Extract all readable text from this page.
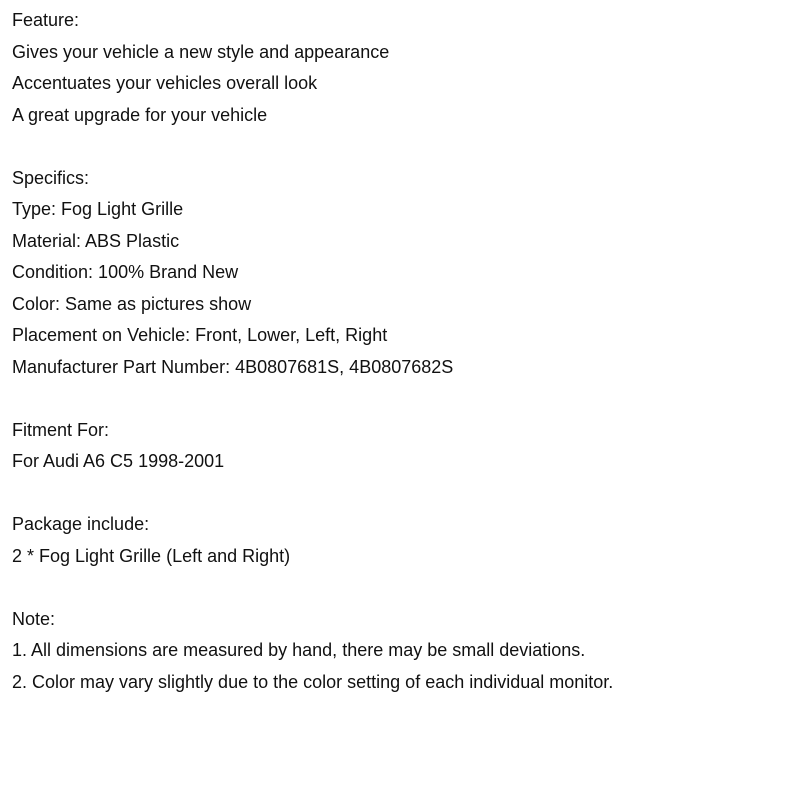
Feature:
Gives your vehicle a new style and appearance
Accentuates your vehicles overall look
A great upgrade for your vehicle
Specifics:
Type: Fog Light Grille
Material: ABS Plastic
Condition: 100% Brand New
Color: Same as pictures show
Placement on Vehicle: Front, Lower, Left, Right
Manufacturer Part Number: 4B0807681S, 4B0807682S
Fitment For:
For Audi A6 C5 1998-2001
Package include:
2 * Fog Light Grille (Left and Right)
Note:
1. All dimensions are measured by hand, there may be small deviations.
2. Color may vary slightly due to the color setting of each individual monitor.
